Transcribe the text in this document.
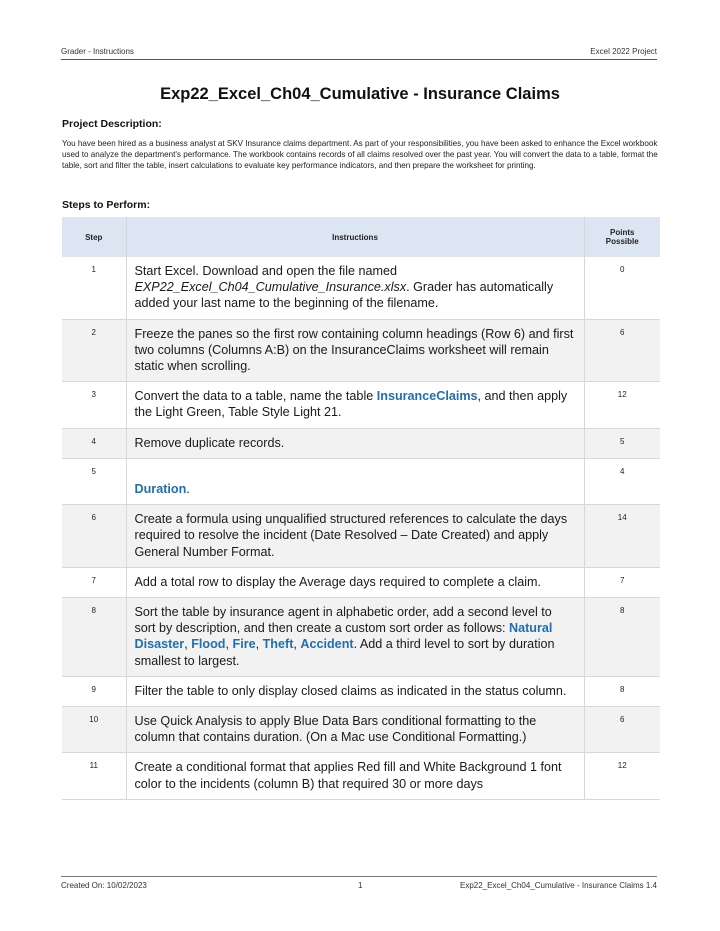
Grader - Instructions	Excel 2022 Project
Exp22_Excel_Ch04_Cumulative - Insurance Claims
Project Description:
You have been hired as a business analyst at SKV Insurance claims department. As part of your responsibilities, you have been asked to enhance the Excel workbook used to analyze the department's performance. The workbook contains records of all claims resolved over the past year. You will convert the data to a table, format the table, sort and filter the table, insert calculations to evaluate key performance indicators, and then prepare the worksheet for printing.
Steps to Perform:
Step	Instructions	Points
Possible
1	Start Excel. Download and open the file named EXP22_Excel_Ch04_Cumulative_Insurance.xlsx. Grader has automatically added your last name to the beginning of the filename.	0
2	Freeze the panes so the first row containing column headings (Row 6) and first two columns (Columns A:B) on the InsuranceClaims worksheet will remain static when scrolling.	6
3	Convert the data to a table, name the table InsuranceClaims, and then apply the Light Green, Table Style Light 21.	12
4	Remove duplicate records.	5
5	Duration.	4
6	Create a formula using unqualified structured references to calculate the days required to resolve the incident (Date Resolved – Date Created) and apply General Number Format.	14
7	Add a total row to display the Average days required to complete a claim.	7
8	Sort the table by insurance agent in alphabetic order, add a second level to sort by description, and then create a custom sort order as follows: Natural Disaster, Flood, Fire, Theft, Accident. Add a third level to sort by duration smallest to largest.	8
9	Filter the table to only display closed claims as indicated in the status column.	8
10	Use Quick Analysis to apply Blue Data Bars conditional formatting to the column that contains duration. (On a Mac use Conditional Formatting.)	6
11	Create a conditional format that applies Red fill and White Background 1 font color to the incidents (column B) that required 30 or more days	12
Created On: 10/02/2023	1	Exp22_Excel_Ch04_Cumulative - Insurance Claims 1.4
